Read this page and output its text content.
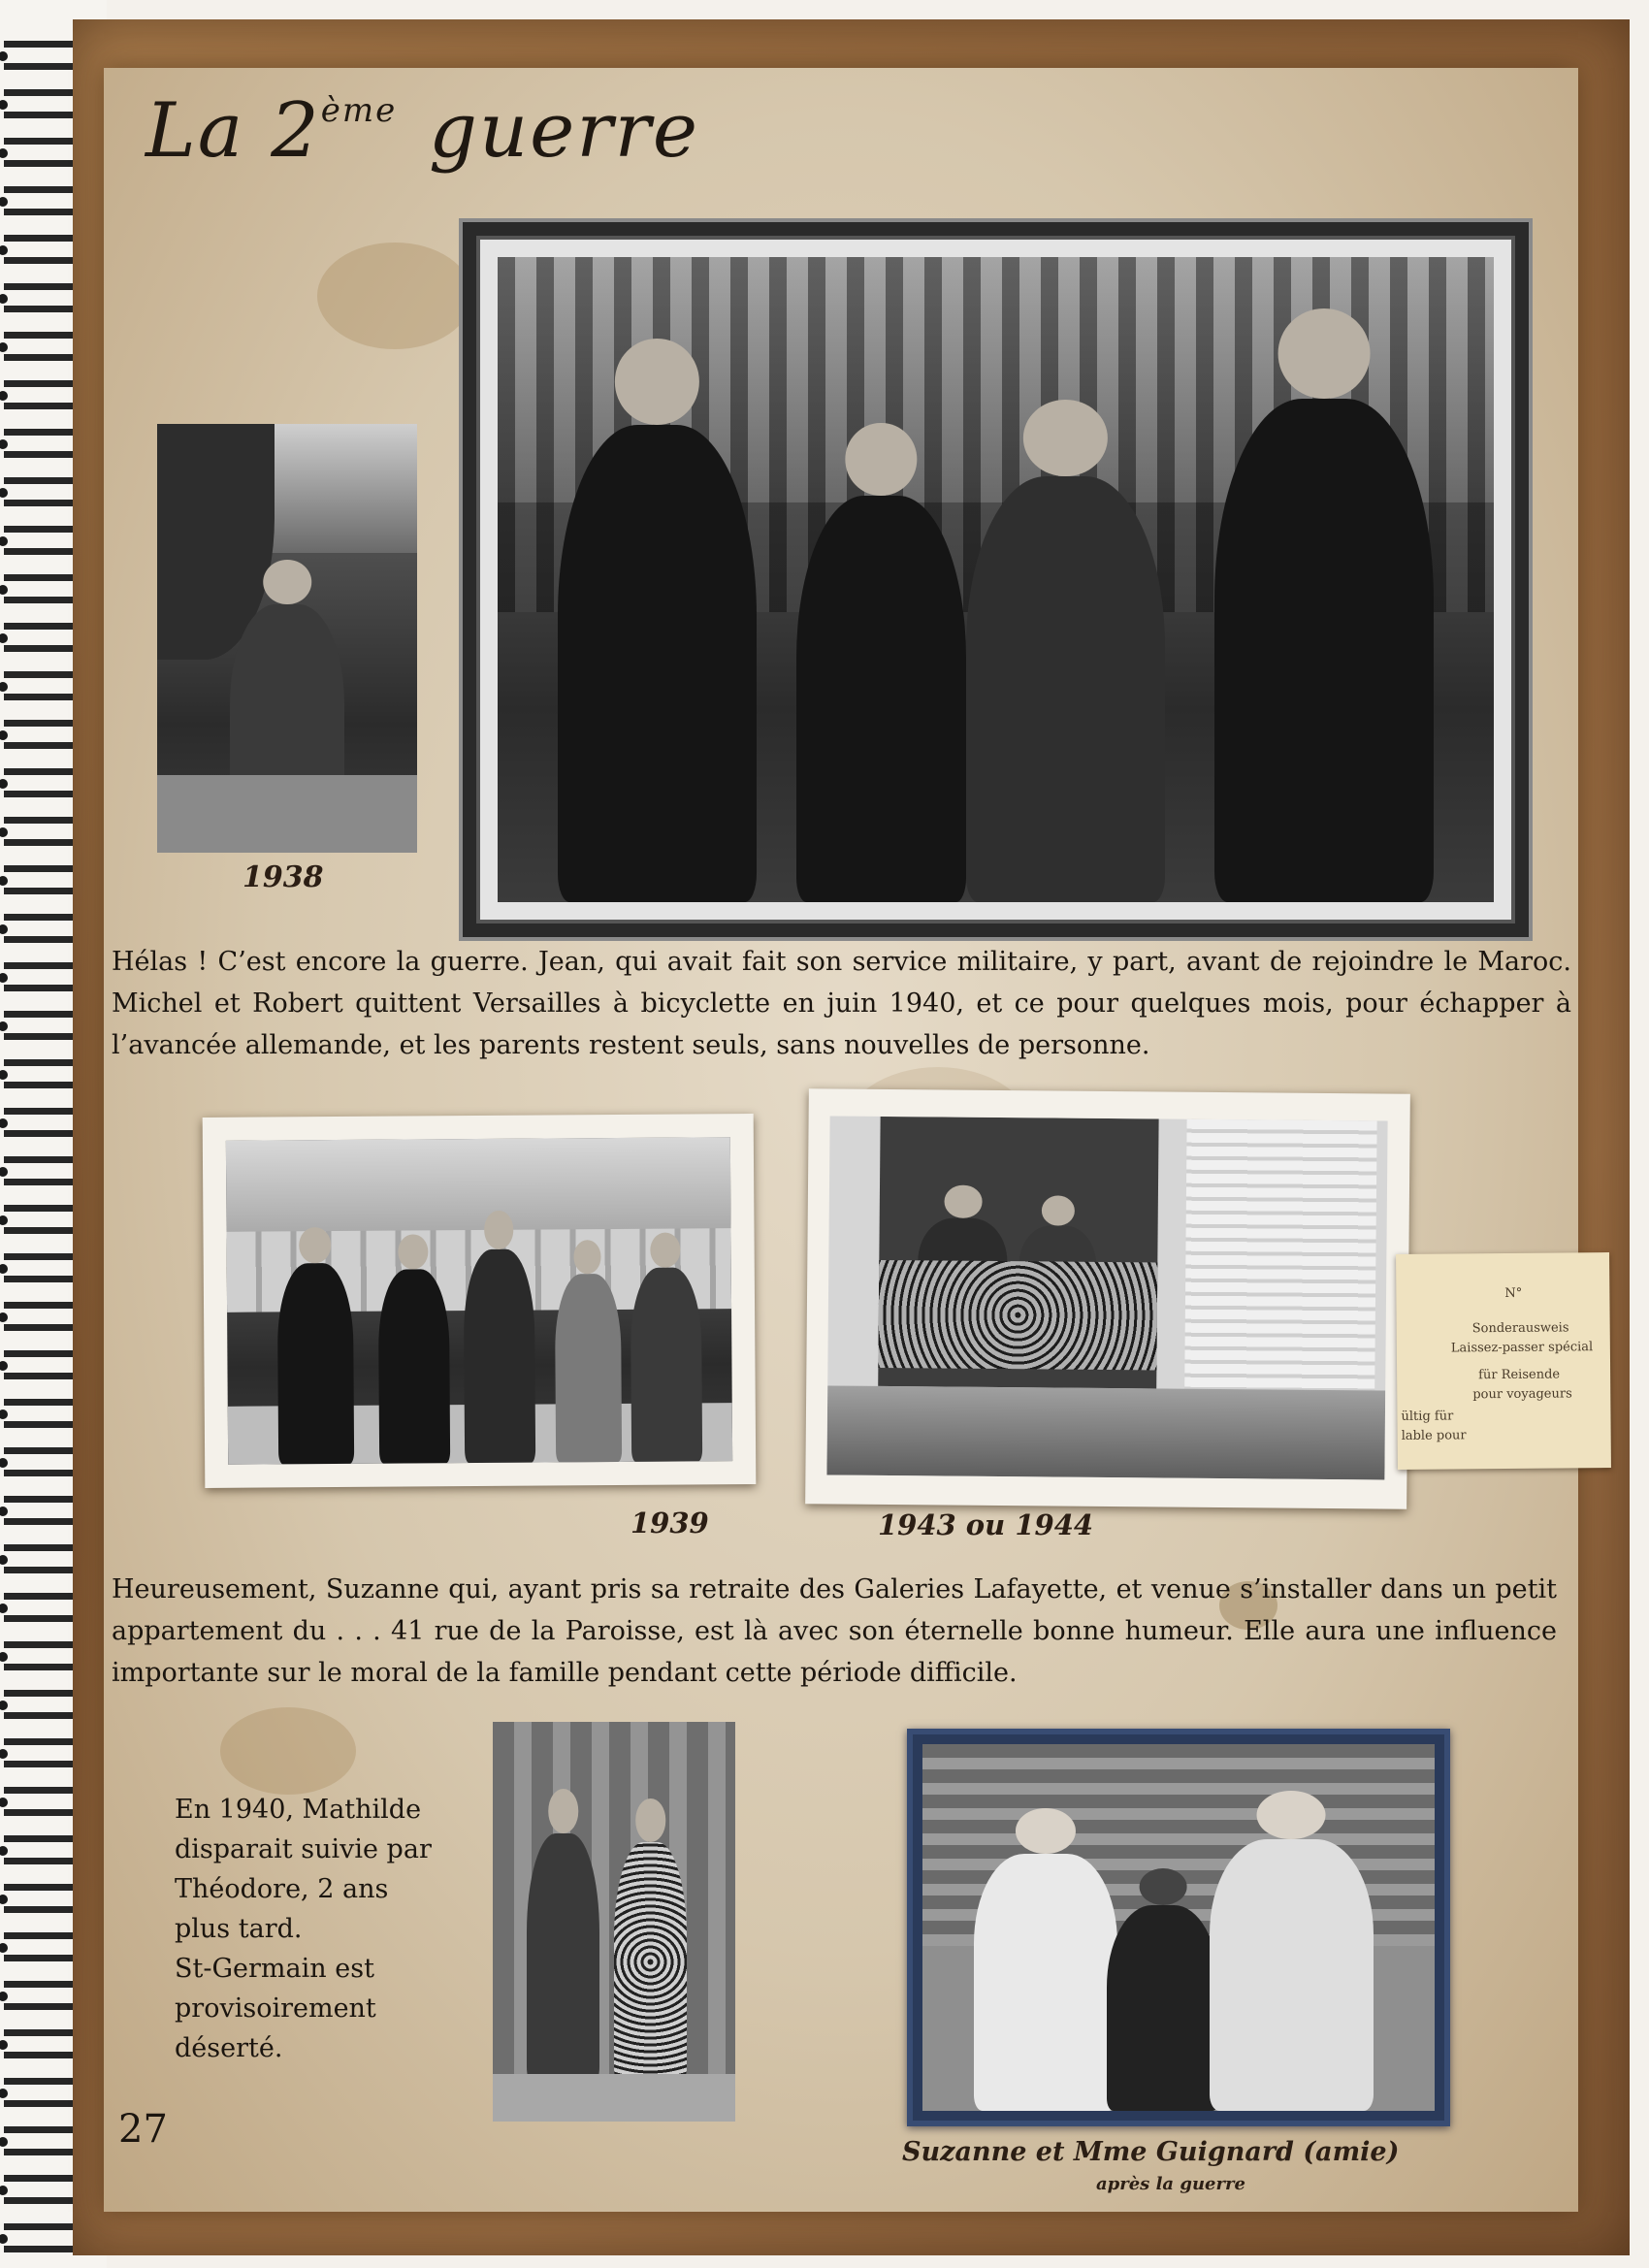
La 2ème guerre

1938

Hélas ! C’est encore la guerre. Jean, qui avait fait son service militaire, y part, avant de rejoindre le Maroc. Michel et Robert quittent Versailles à bicyclette en juin 1940, et ce pour quelques mois, pour échapper à l’avancée allemande, et les parents restent seuls, sans nouvelles de personne.

1939	1943 ou 1944

N°
Sonderausweis
Laissez-passer spécial
für Reisende
pour voyageurs
ültig für
lable pour

Heureusement, Suzanne qui, ayant pris sa retraite des Galeries Lafayette, et venue s’installer dans un petit appartement du . . . 41 rue de la Paroisse, est là avec son éternelle bonne humeur. Elle aura une influence importante sur le moral de la famille pendant cette période difficile.

En 1940, Mathilde
disparait suivie par
Théodore, 2 ans
plus tard.
St-Germain est
provisoirement
déserté.

Suzanne et Mme Guignard (amie)

après la guerre

27
